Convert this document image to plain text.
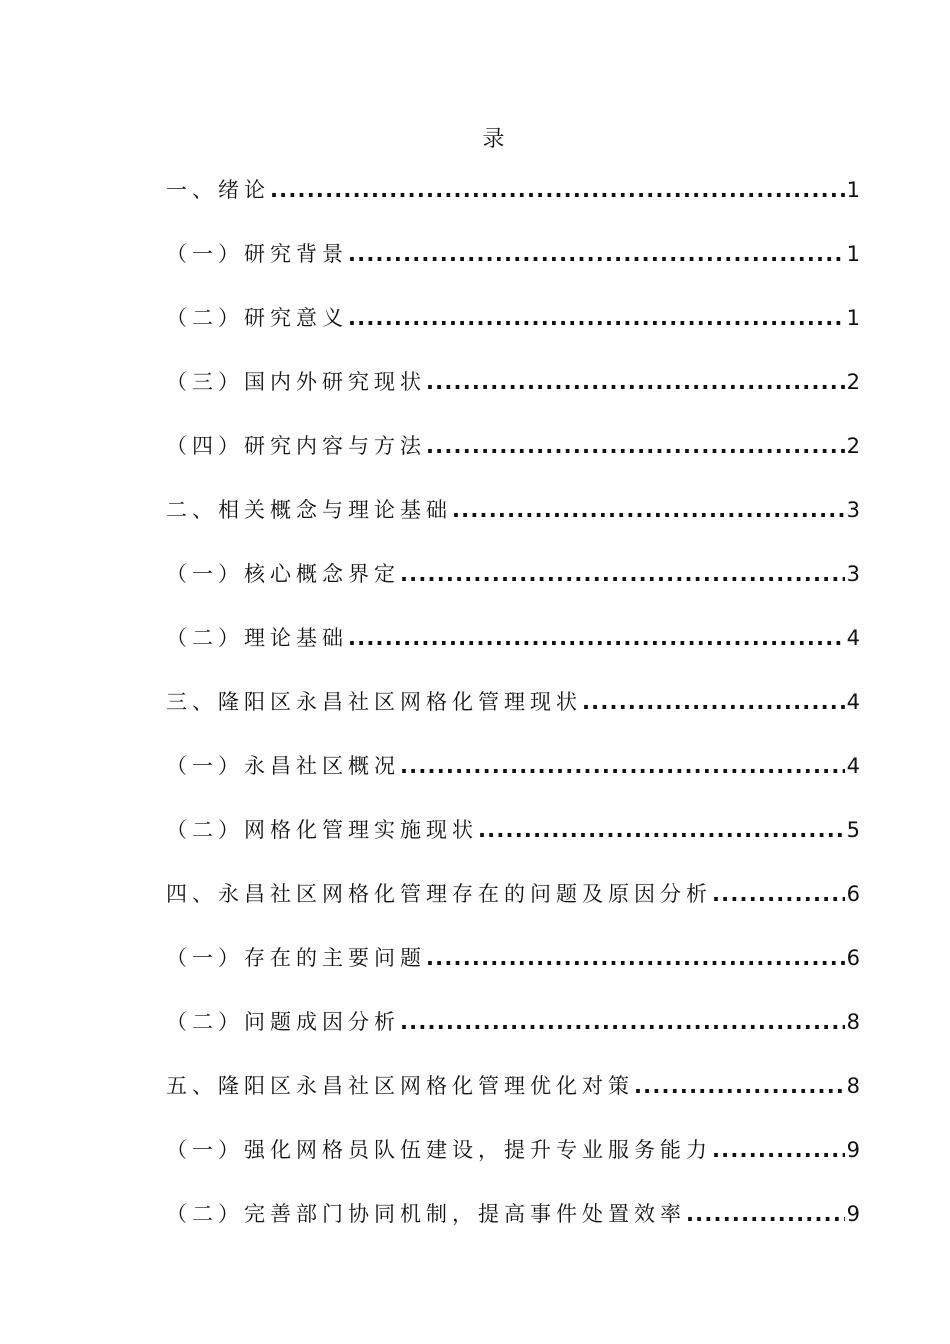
录
一、绪论 .....	1
（一）研究背景 .....	1
（二）研究意义 .....	1
（三）国内外研究现状 .....	2
（四）研究内容与方法 .....	2
二、相关概念与理论基础 .....	3
（一）核心概念界定 .....	3
（二）理论基础 .....	4
三、隆阳区永昌社区网格化管理现状 .....	4
（一）永昌社区概况 .....	4
（二）网格化管理实施现状 .....	5
四、永昌社区网格化管理存在的问题及原因分析 .....	6
（一）存在的主要问题 .....	6
（二）问题成因分析 .....	8
五、隆阳区永昌社区网格化管理优化对策 .....	8
（一）强化网格员队伍建设，提升专业服务能力 .....	9
（二）完善部门协同机制，提高事件处置效率 .....	9
